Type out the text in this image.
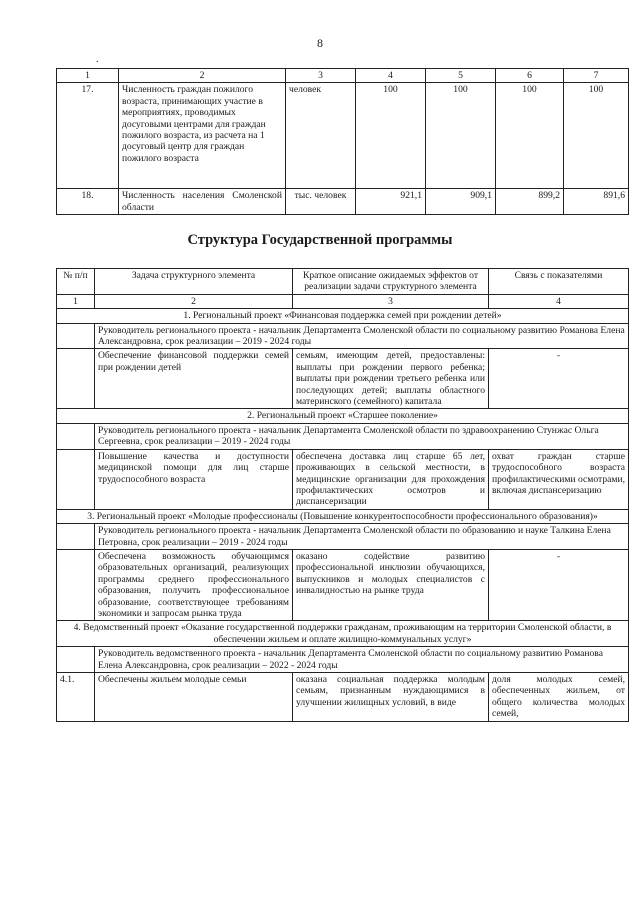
8
.
1	2	3	4	5	6	7
17.	Численность граждан пожилого возраста, принимающих участие в мероприятиях, проводимых досуговыми центрами для граждан пожилого возраста, из расчета на 1 досуговый центр для граждан пожилого возраста	человек	100	100	100	100
18.	Численность населения Смоленской области	тыс. человек	921,1	909,1	899,2	891,6
Структура Государственной программы
№ п/п	Задача структурного элемента	Краткое описание ожидаемых эффектов от реализации задачи структурного элемента	Связь с показателями
1	2	3	4
1. Региональный проект «Финансовая поддержка семей при рождении детей»			
	Руководитель регионального проекта - начальник Департамента Смоленской области по социальному развитию Романова Елена Александровна, срок реализации – 2019 - 2024 годы		
	Обеспечение финансовой поддержки семей при рождении детей	семьям, имеющим детей, предоставлены: выплаты при рождении первого ребенка; выплаты при рождении третьего ребенка или последующих детей; выплаты областного материнского (семейного) капитала	-
2. Региональный проект «Старшее поколение»			
	Руководитель регионального проекта - начальник Департамента Смоленской области по здравоохранению Стунжас Ольга Сергеевна, срок реализации – 2019 - 2024 годы		
	Повышение качества и доступности медицинской помощи для лиц старше трудоспособного возраста	обеспечена доставка лиц старше 65 лет, проживающих в сельской местности, в медицинские организации для прохождения профилактических осмотров и диспансеризации	охват граждан старше трудоспособного возраста профилактическими осмотрами, включая диспансеризацию
3. Региональный проект «Молодые профессионалы (Повышение конкурентоспособности профессионального образования)»			
	Руководитель регионального проекта - начальник Департамента Смоленской области по образованию и науке Талкина Елена Петровна, срок реализации – 2019 - 2024 годы		
	Обеспечена возможность обучающимся образовательных организаций, реализующих программы среднего профессионального образования, получить профессиональное образование, соответствующее требованиям экономики и запросам рынка труда	оказано содействие развитию профессиональной инклюзии обучающихся, выпускников и молодых специалистов с инвалидностью на рынке труда	-
4. Ведомственный проект «Оказание государственной поддержки гражданам, проживающим на территории Смоленской области, в обеспечении жильем и оплате жилищно-коммунальных услуг»			
	Руководитель ведомственного проекта - начальник Департамента Смоленской области по социальному развитию Романова Елена Александровна, срок реализации – 2022 - 2024 годы		
4.1.	Обеспечены жильем молодые семьи	оказана социальная поддержка молодым семьям, признанным нуждающимися в улучшении жилищных условий, в виде	доля молодых семей, обеспеченных жильем, от общего количества молодых семей,
